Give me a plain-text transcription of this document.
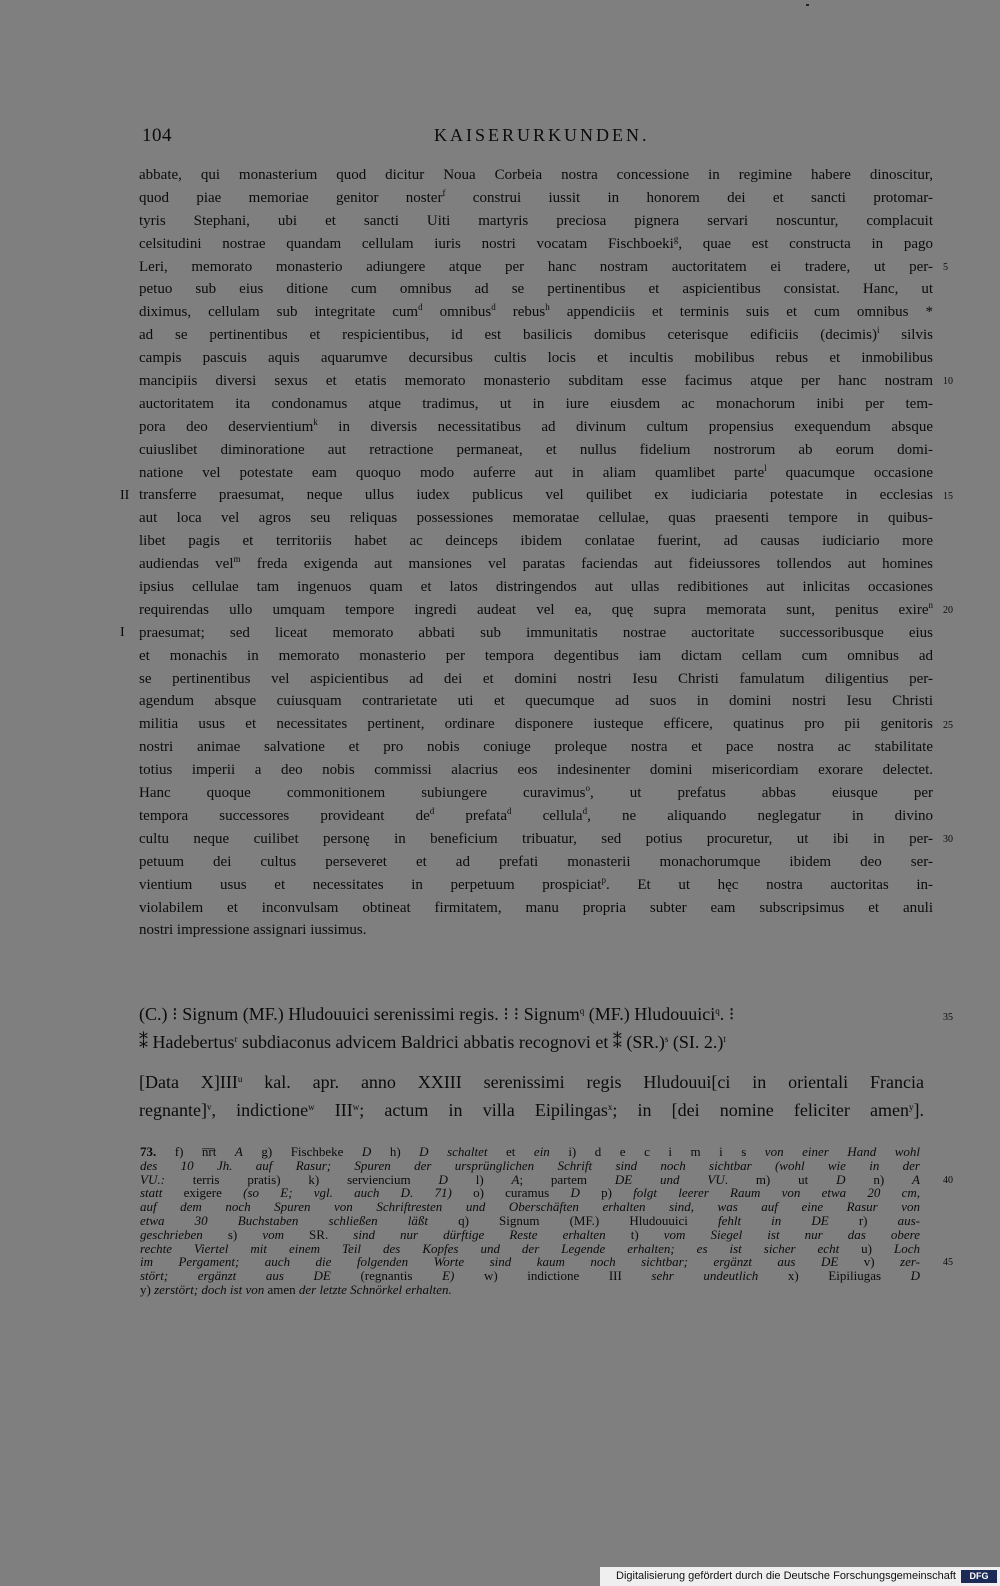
104	KAISERURKUNDEN.
abbate, qui monasterium quod dicitur Noua Corbeia nostra concessione in regimine habere dinoscitur,
quod piae memoriae genitor noster$^f$ construi iussit in honorem dei et sancti protomar-
tyris Stephani, ubi et sancti Uiti martyris preciosa pignera servari noscuntur, complacuit
celsitudini nostrae quandam cellulam iuris nostri vocatam Fischboeki$^g$, quae est constructa in pago
Leri, memorato monasterio adiungere atque per hanc nostram auctoritatem ei tradere, ut per-
petuo sub eius ditione cum omnibus ad se pertinentibus et aspicientibus consistat. Hanc, ut
diximus, cellulam sub integritate cum$^d$ omnibus$^d$ rebus$^h$ appendiciis et terminis suis et cum omnibus *
ad se pertinentibus et respicientibus, id est basilicis domibus ceterisque edificiis (decimis)$^i$ silvis
campis pascuis aquis aquarumve decursibus cultis locis et incultis mobilibus rebus et inmobilibus
mancipiis diversi sexus et etatis memorato monasterio subditam esse facimus atque per hanc nostram
auctoritatem ita condonamus atque tradimus, ut in iure eiusdem ac monachorum inibi per tem-
pora deo deservientium$^k$ in diversis necessitatibus ad divinum cultum propensius exequendum absque
cuiuslibet diminoratione aut retractione permaneat, et nullus fidelium nostrorum ab eorum domi-
natione vel potestate eam quoquo modo auferre aut in aliam quamlibet parte$^l$ quacumque occasione
transferre praesumat, neque ullus iudex publicus vel quilibet ex iudiciaria potestate in ecclesias
aut loca vel agros seu reliquas possessiones memoratae cellulae, quas praesenti tempore in quibus-
libet pagis et territoriis habet ac deinceps ibidem conlatae fuerint, ad causas iudiciario more
audiendas vel$^m$ freda exigenda aut mansiones vel paratas faciendas aut fideiussores tollendos aut homines
ipsius cellulae tam ingenuos quam et latos distringendos aut ullas redibitiones aut inlicitas occasiones
requirendas ullo umquam tempore ingredi audeat vel ea, quę supra memorata sunt, penitus exire$^n$
praesumat; sed liceat memorato abbati sub immunitatis nostrae auctoritate successoribusque eius
et monachis in memorato monasterio per tempora degentibus iam dictam cellam cum omnibus ad
se pertinentibus vel aspicientibus ad dei et domini nostri Iesu Christi famulatum diligentius per-
agendum absque cuiusquam contrarietate uti et quecumque ad suos in domini nostri Iesu Christi
militia usus et necessitates pertinent, ordinare disponere iusteque efficere, quatinus pro pii genitoris
nostri animae salvatione et pro nobis coniuge proleque nostra et pace nostra ac stabilitate
totius imperii a deo nobis commissi alacrius eos indesinenter domini misericordiam exorare delectet.
Hanc quoque commonitionem subiungere curavimus$^o$, ut prefatus abbas eiusque per
tempora successores provideant $de^d$ prefata$^d$ cellula$^d$, ne aliquando neglegatur in divino
cultu neque cuilibet personę in beneficium tribuatur, sed potius procuretur, ut ibi in per-
petuum dei cultus perseveret et ad prefati monasterii monachorumque ibidem deo ser-
vientium usus et necessitates in perpetuum prospiciat$^p$. Et ut hęc nostra auctoritas in-
violabilem et inconvulsam obtineat firmitatem, manu propria subter eam subscripsimus et anuli
nostri impressione assignari iussimus.
II
I
5
10
15
20
25
30
35
40
45
(C.) ⁝ Signum (MF.) Hludouuici serenissimi regis. ⁝ ⁝ Signum$^q$ (MF.) Hludouuici$^q$. ⁝
⁑ Hadebertus$^r$ subdiaconus advicem Baldrici abbatis recognovi et ⁑ $(SR.)^s$ (SI. 2.)$^t$
[Data X]III$^u$ kal. apr. anno XXIII serenissimi regis Hludouui[ci in orientali Francia
regnante]$^v$, indictione$^w$ III$^w$; actum in villa Eipilingas$^x$; in [dei nomine feliciter amen$^y$].
73. f) n̅r̅t A g) Fischbeke D h) D schaltet et ein i) d e c i m i s von einer Hand wohl
des 10 Jh. auf Rasur; Spuren der ursprünglichen Schrift sind noch sichtbar (wohl wie in der
VU.: terris pratis) k) serviencium D l) A; partem DE und VU. m) ut D n) A
statt exigere (so E; vgl. auch D. 71) o) curamus D p) folgt leerer Raum von etwa 20 cm,
auf dem noch Spuren von Schriftresten und Oberschäften erhalten sind, was auf eine Rasur von
etwa 30 Buchstaben schließen läßt q) Signum (MF.) Hludouuici fehlt in DE r) aus-
geschrieben s) vom SR. sind nur dürftige Reste erhalten t) vom Siegel ist nur das obere
rechte Viertel mit einem Teil des Kopfes und der Legende erhalten; es ist sicher echt u) Loch
im Pergament; auch die folgenden Worte sind kaum noch sichtbar; ergänzt aus DE v) zer-
stört; ergänzt aus DE (regnantis E) w) indictione III sehr undeutlich x) Eipiliugas D
y) zerstört; doch ist von amen der letzte Schnörkel erhalten.
Digitalisierung gefördert durch die Deutsche Forschungsgemeinschaft	DFG
